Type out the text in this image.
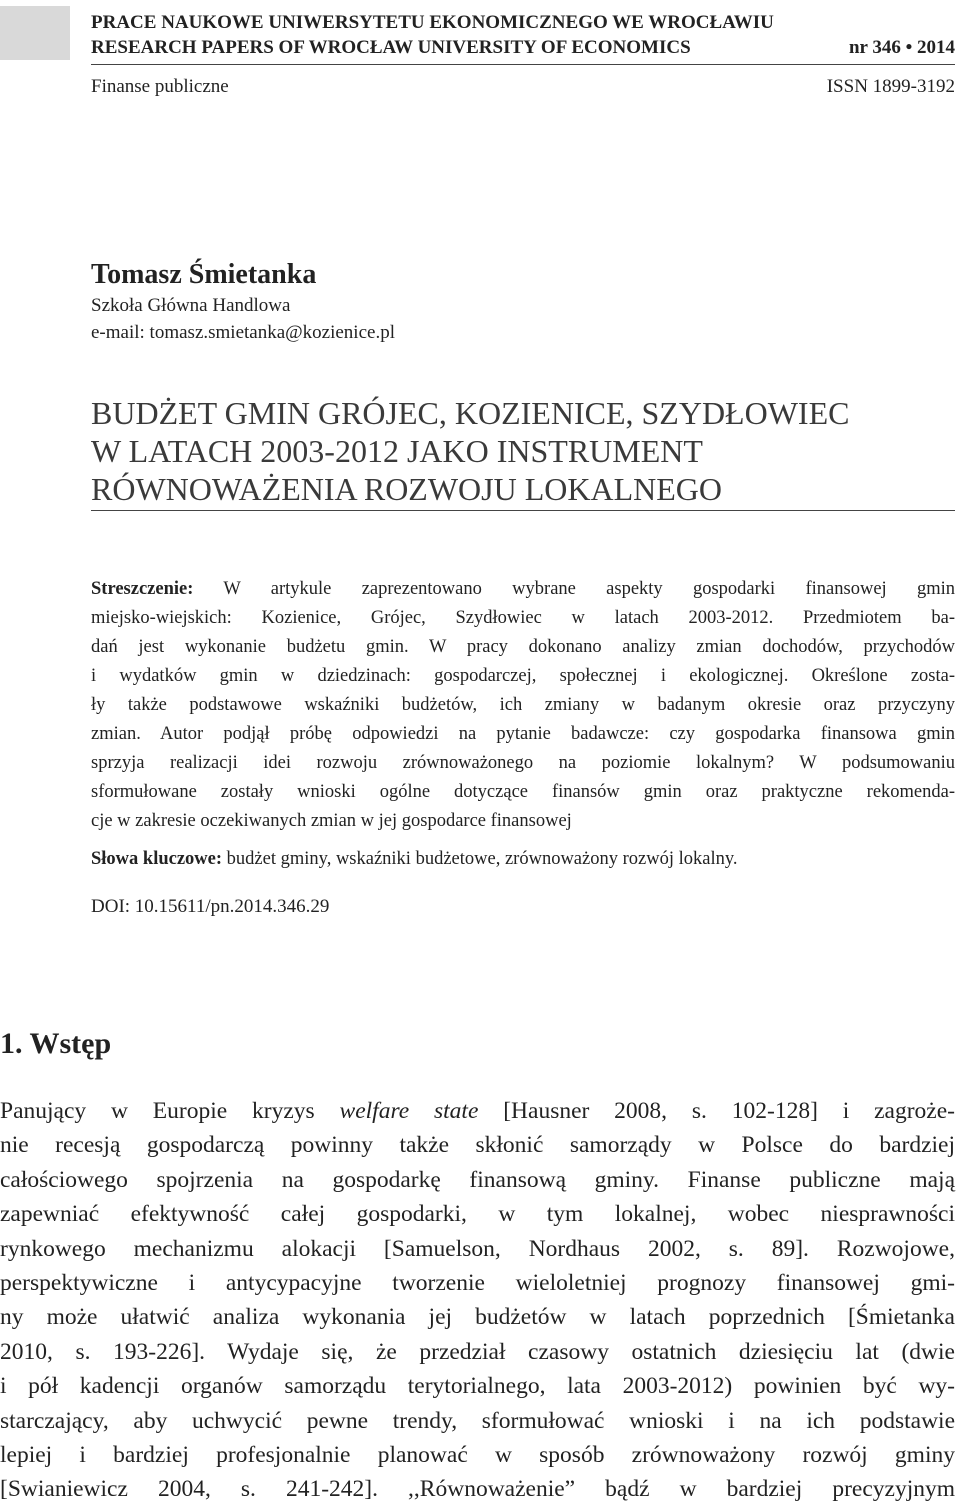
PRACE NAUKOWE UNIWERSYTETU EKONOMICZNEGO WE WROCŁAWIU
RESEARCH PAPERS OF WROCŁAW UNIVERSITY OF ECONOMICS	nr 346 • 2014
Finanse publiczne	ISSN 1899-3192
Tomasz Śmietanka
Szkoła Główna Handlowa
e-mail: tomasz.smietanka@kozienice.pl
BUDŻET GMIN GRÓJEC, KOZIENICE, SZYDŁOWIEC
W LATACH 2003-2012 JAKO INSTRUMENT
RÓWNOWAŻENIA ROZWOJU LOKALNEGO
Streszczenie: W artykule zaprezentowano wybrane aspekty gospodarki finansowej gmin
miejsko-wiejskich: Kozienice, Grójec, Szydłowiec w latach 2003-2012. Przedmiotem ba-
dań jest wykonanie budżetu gmin. W pracy dokonano analizy zmian dochodów, przychodów
i wydatków gmin w dziedzinach: gospodarczej, społecznej i ekologicznej. Określone zosta-
ły także podstawowe wskaźniki budżetów, ich zmiany w badanym okresie oraz przyczyny
zmian. Autor podjął próbę odpowiedzi na pytanie badawcze: czy gospodarka finansowa gmin
sprzyja realizacji idei rozwoju zrównoważonego na poziomie lokalnym? W podsumowaniu
sformułowane zostały wnioski ogólne dotyczące finansów gmin oraz praktyczne rekomenda-
cje w zakresie oczekiwanych zmian w jej gospodarce finansowej
Słowa kluczowe: budżet gminy, wskaźniki budżetowe, zrównoważony rozwój lokalny.
DOI: 10.15611/pn.2014.346.29
1. Wstęp
Panujący w Europie kryzys welfare state [Hausner 2008, s. 102-128] i zagroże-
nie recesją gospodarczą powinny także skłonić samorządy w Polsce do bardziej
całościowego spojrzenia na gospodarkę finansową gminy. Finanse publiczne mają
zapewniać efektywność całej gospodarki, w tym lokalnej, wobec niesprawności
rynkowego mechanizmu alokacji [Samuelson, Nordhaus 2002, s. 89]. Rozwojowe,
perspektywiczne i antycypacyjne tworzenie wieloletniej prognozy finansowej gmi-
ny może ułatwić analiza wykonania jej budżetów w latach poprzednich [Śmietanka
2010, s. 193-226]. Wydaje się, że przedział czasowy ostatnich dziesięciu lat (dwie
i pół kadencji organów samorządu terytorialnego, lata 2003-2012) powinien być wy-
starczający, aby uchwycić pewne trendy, sformułować wnioski i na ich podstawie
lepiej i bardziej profesjonalnie planować w sposób zrównoważony rozwój gminy
[Swianiewicz 2004, s. 241-242]. ,,Równoważenie” bądź w bardziej precyzyjnym
